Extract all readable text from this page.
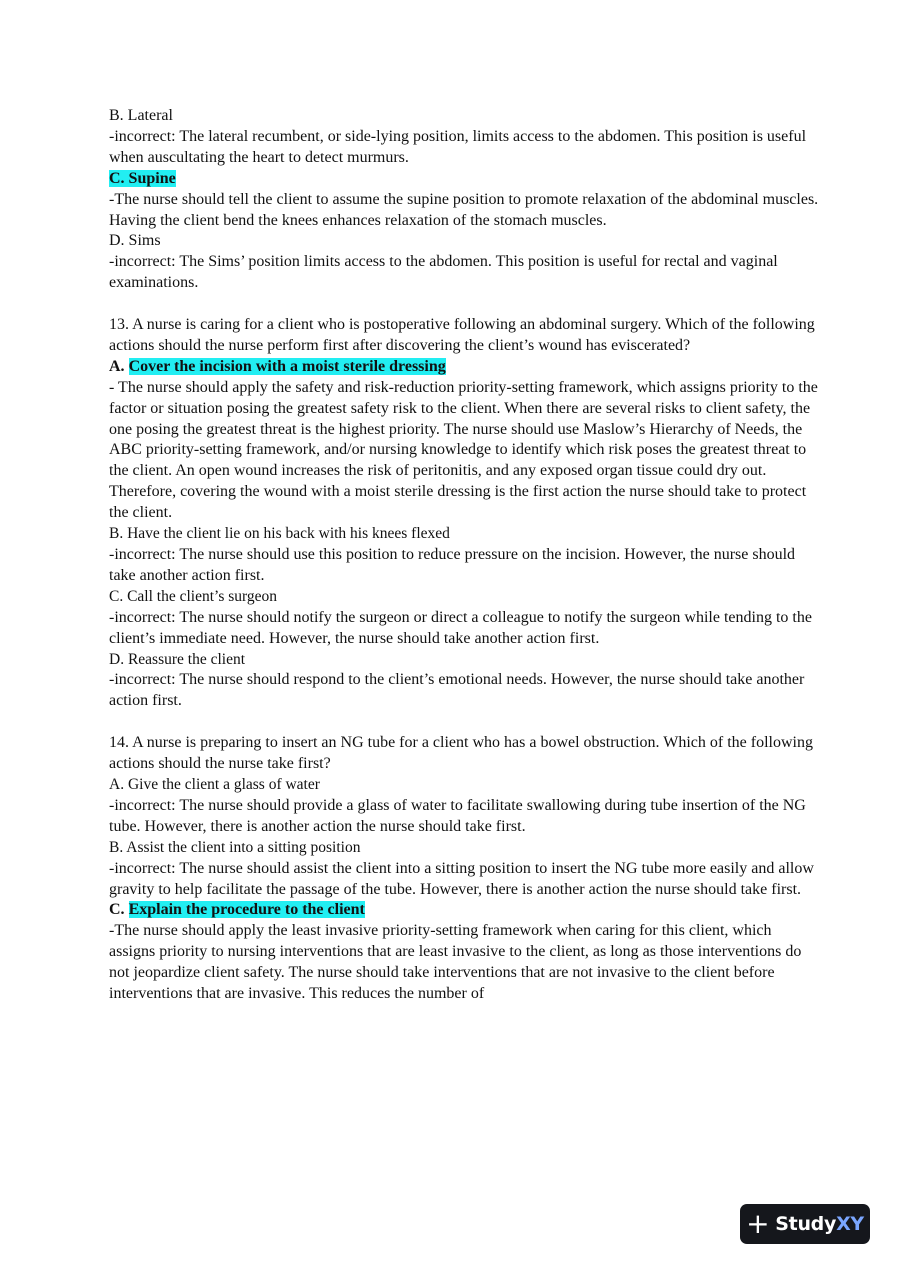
B. Lateral
-incorrect: The lateral recumbent, or side-lying position, limits access to the abdomen. This position is useful when auscultating the heart to detect murmurs.
C. Supine
-The nurse should tell the client to assume the supine position to promote relaxation of the abdominal muscles. Having the client bend the knees enhances relaxation of the stomach muscles.
D. Sims
-incorrect: The Sims’ position limits access to the abdomen. This position is useful for rectal and vaginal examinations.
13. A nurse is caring for a client who is postoperative following an abdominal surgery. Which of the following actions should the nurse perform first after discovering the client’s wound has eviscerated?
A. Cover the incision with a moist sterile dressing
- The nurse should apply the safety and risk-reduction priority-setting framework, which assigns priority to the factor or situation posing the greatest safety risk to the client. When there are several risks to client safety, the one posing the greatest threat is the highest priority. The nurse should use Maslow’s Hierarchy of Needs, the ABC priority-setting framework, and/or nursing knowledge to identify which risk poses the greatest threat to the client. An open wound increases the risk of peritonitis, and any exposed organ tissue could dry out. Therefore, covering the wound with a moist sterile dressing is the first action the nurse should take to protect the client.
B. Have the client lie on his back with his knees flexed
-incorrect: The nurse should use this position to reduce pressure on the incision. However, the nurse should take another action first.
C. Call the client’s surgeon
-incorrect: The nurse should notify the surgeon or direct a colleague to notify the surgeon while tending to the client’s immediate need. However, the nurse should take another action first.
D. Reassure the client
-incorrect: The nurse should respond to the client’s emotional needs. However, the nurse should take another action first.
14. A nurse is preparing to insert an NG tube for a client who has a bowel obstruction. Which of the following actions should the nurse take first?
A. Give the client a glass of water
-incorrect: The nurse should provide a glass of water to facilitate swallowing during tube insertion of the NG tube. However, there is another action the nurse should take first.
B. Assist the client into a sitting position
-incorrect: The nurse should assist the client into a sitting position to insert the NG tube more easily and allow gravity to help facilitate the passage of the tube. However, there is another action the nurse should take first.
C. Explain the procedure to the client
-The nurse should apply the least invasive priority-setting framework when caring for this client, which assigns priority to nursing interventions that are least invasive to the client, as long as those interventions do not jeopardize client safety. The nurse should take interventions that are not invasive to the client before interventions that are invasive. This reduces the number of
+ Study XY
